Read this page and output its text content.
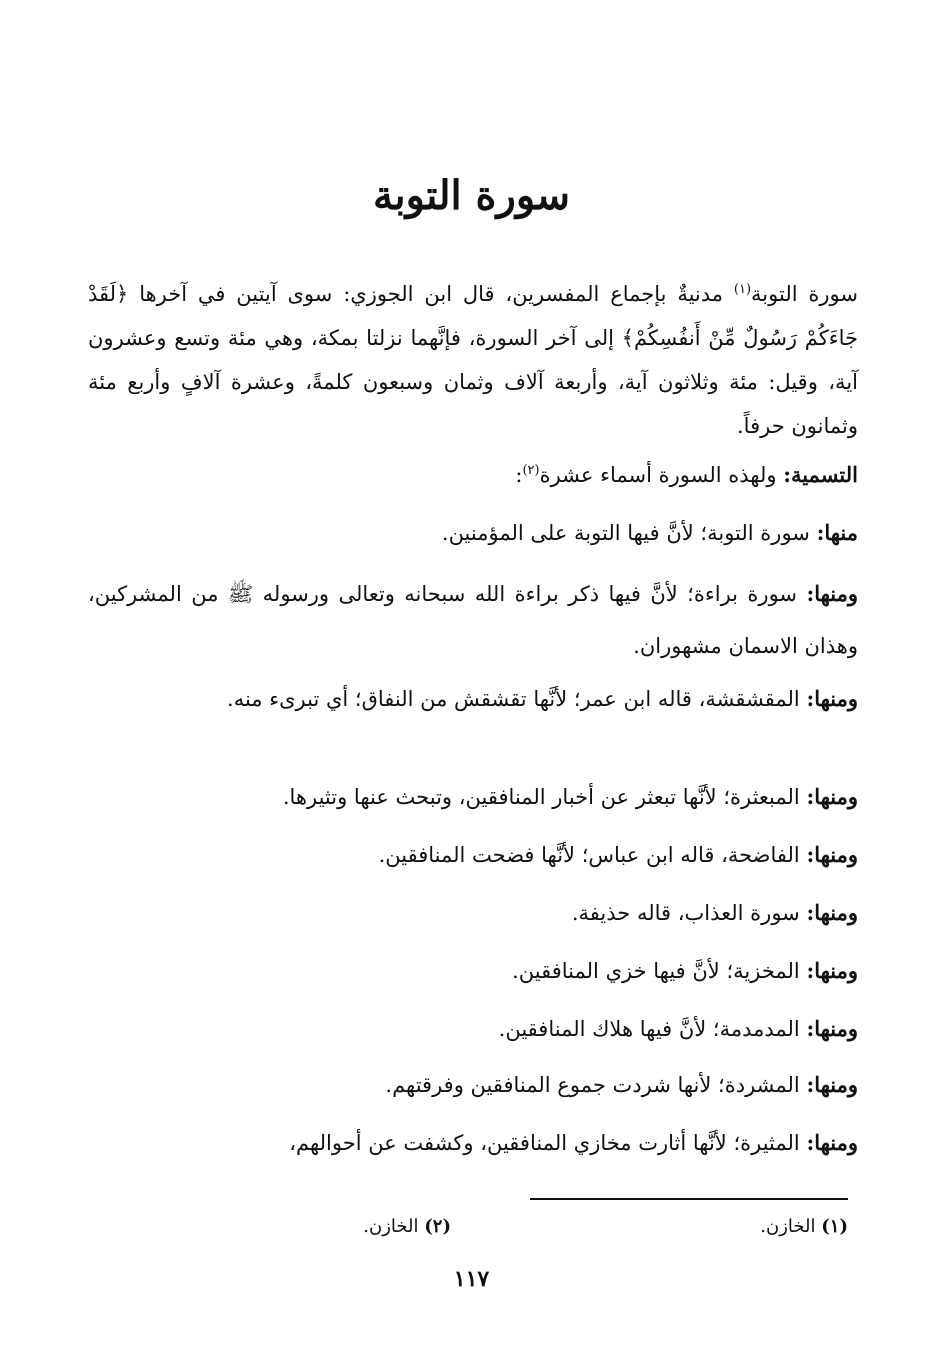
سورة التوبة
سورة التوبة$^{(١)}$ مدنيةٌ بإجماع المفسرين، قال ابن الجوزي: سوى آيتين في آخرها ﴿لَقَدْ جَاءَكُمْ رَسُولٌ مِّنْ أَنفُسِكُمْ﴾ إلى آخر السورة، فإنَّهما نزلتا بمكة، وهي مئة وتسع وعشرون آية، وقيل: مئة وثلاثون آية، وأربعة آلاف وثمان وسبعون كلمةً، وعشرة آلافٍ وأربع مئة وثمانون حرفاً.
التسمية: ولهذه السورة أسماء عشرة$^{(٢)}$:
منها: سورة التوبة؛ لأنَّ فيها التوبة على المؤمنين.
ومنها: سورة براءة؛ لأنَّ فيها ذكر براءة الله سبحانه وتعالى ورسوله ﷺ من المشركين، وهذان الاسمان مشهوران.
ومنها: المقشقشة، قاله ابن عمر؛ لأنَّها تقشقش من النفاق؛ أي تبرىء منه.
ومنها: المبعثرة؛ لأنَّها تبعثر عن أخبار المنافقين، وتبحث عنها وتثيرها.
ومنها: الفاضحة، قاله ابن عباس؛ لأنَّها فضحت المنافقين.
ومنها: سورة العذاب، قاله حذيفة.
ومنها: المخزية؛ لأنَّ فيها خزي المنافقين.
ومنها: المدمدمة؛ لأنَّ فيها هلاك المنافقين.
ومنها: المشردة؛ لأنها شردت جموع المنافقين وفرقتهم.
ومنها: المثيرة؛ لأنَّها أثارت مخازي المنافقين، وكشفت عن أحوالهم،
(١) الخازن.
(٢) الخازن.
١١٧
